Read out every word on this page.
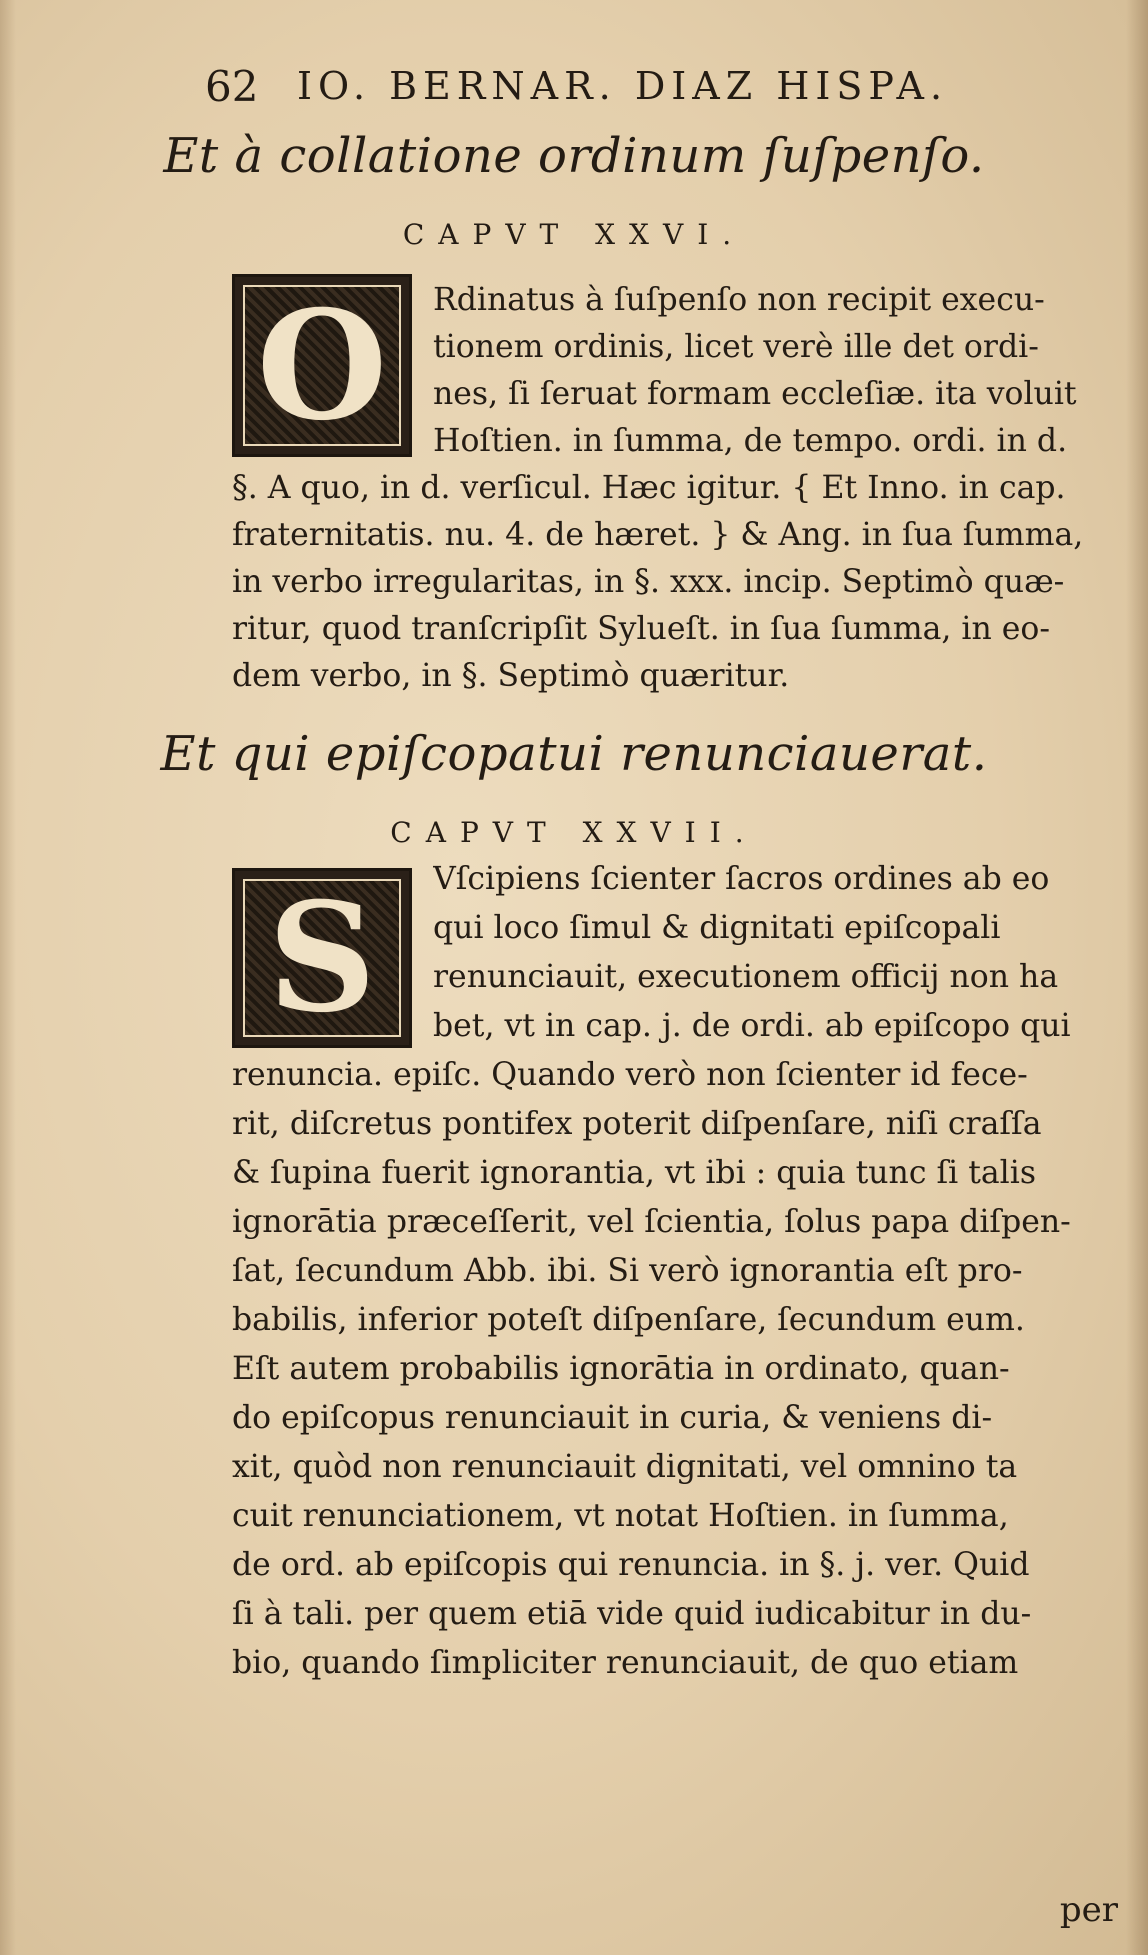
62 IO. BERNAR. DIAZ HISPA.
Et à collatione ordinum ſuſpenſo.
CAPVT XXVI.
O	Rdinatus à ſuſpenſo non recipit execu-
tionem ordinis, licet verè ille det ordi-
nes, ſi ſeruat formam eccleſiæ. ita voluit
Hoſtien. in ſumma, de tempo. ordi. in d.
§. A quo, in d. verſicul. Hæc igitur. { Et Inno. in cap.
fraternitatis. nu. 4. de hæret. } & Ang. in ſua ſumma,
in verbo irregularitas, in §. xxx. incip. Septimò quæ-
ritur, quod tranſcripſit Sylueſt. in ſua ſumma, in eo-
dem verbo, in §. Septimò quæritur.
Et qui epiſcopatui renunciauerat.
CAPVT XXVII.
S	Vſcipiens ſcienter ſacros ordines ab eo
qui loco ſimul & dignitati epiſcopali
renunciauit, executionem officij non ha
bet, vt in cap. j. de ordi. ab epiſcopo qui
renuncia. epiſc. Quando verò non ſcienter id fece-
rit, diſcretus pontifex poterit diſpenſare, niſi craſſa
& ſupina fuerit ignorantia, vt ibi : quia tunc ſi talis
ignorātia præceſſerit, vel ſcientia, ſolus papa diſpen-
ſat, ſecundum Abb. ibi. Si verò ignorantia eſt pro-
babilis, inferior poteſt diſpenſare, ſecundum eum.
Eſt autem probabilis ignorātia in ordinato, quan-
do epiſcopus renunciauit in curia, & veniens di-
xit, quòd non renunciauit dignitati, vel omnino ta
cuit renunciationem, vt notat Hoſtien. in ſumma,
de ord. ab epiſcopis qui renuncia. in §. j. ver. Quid
ſi à tali. per quem etiā vide quid iudicabitur in du-
bio, quando ſimpliciter renunciauit, de quo etiam
per
